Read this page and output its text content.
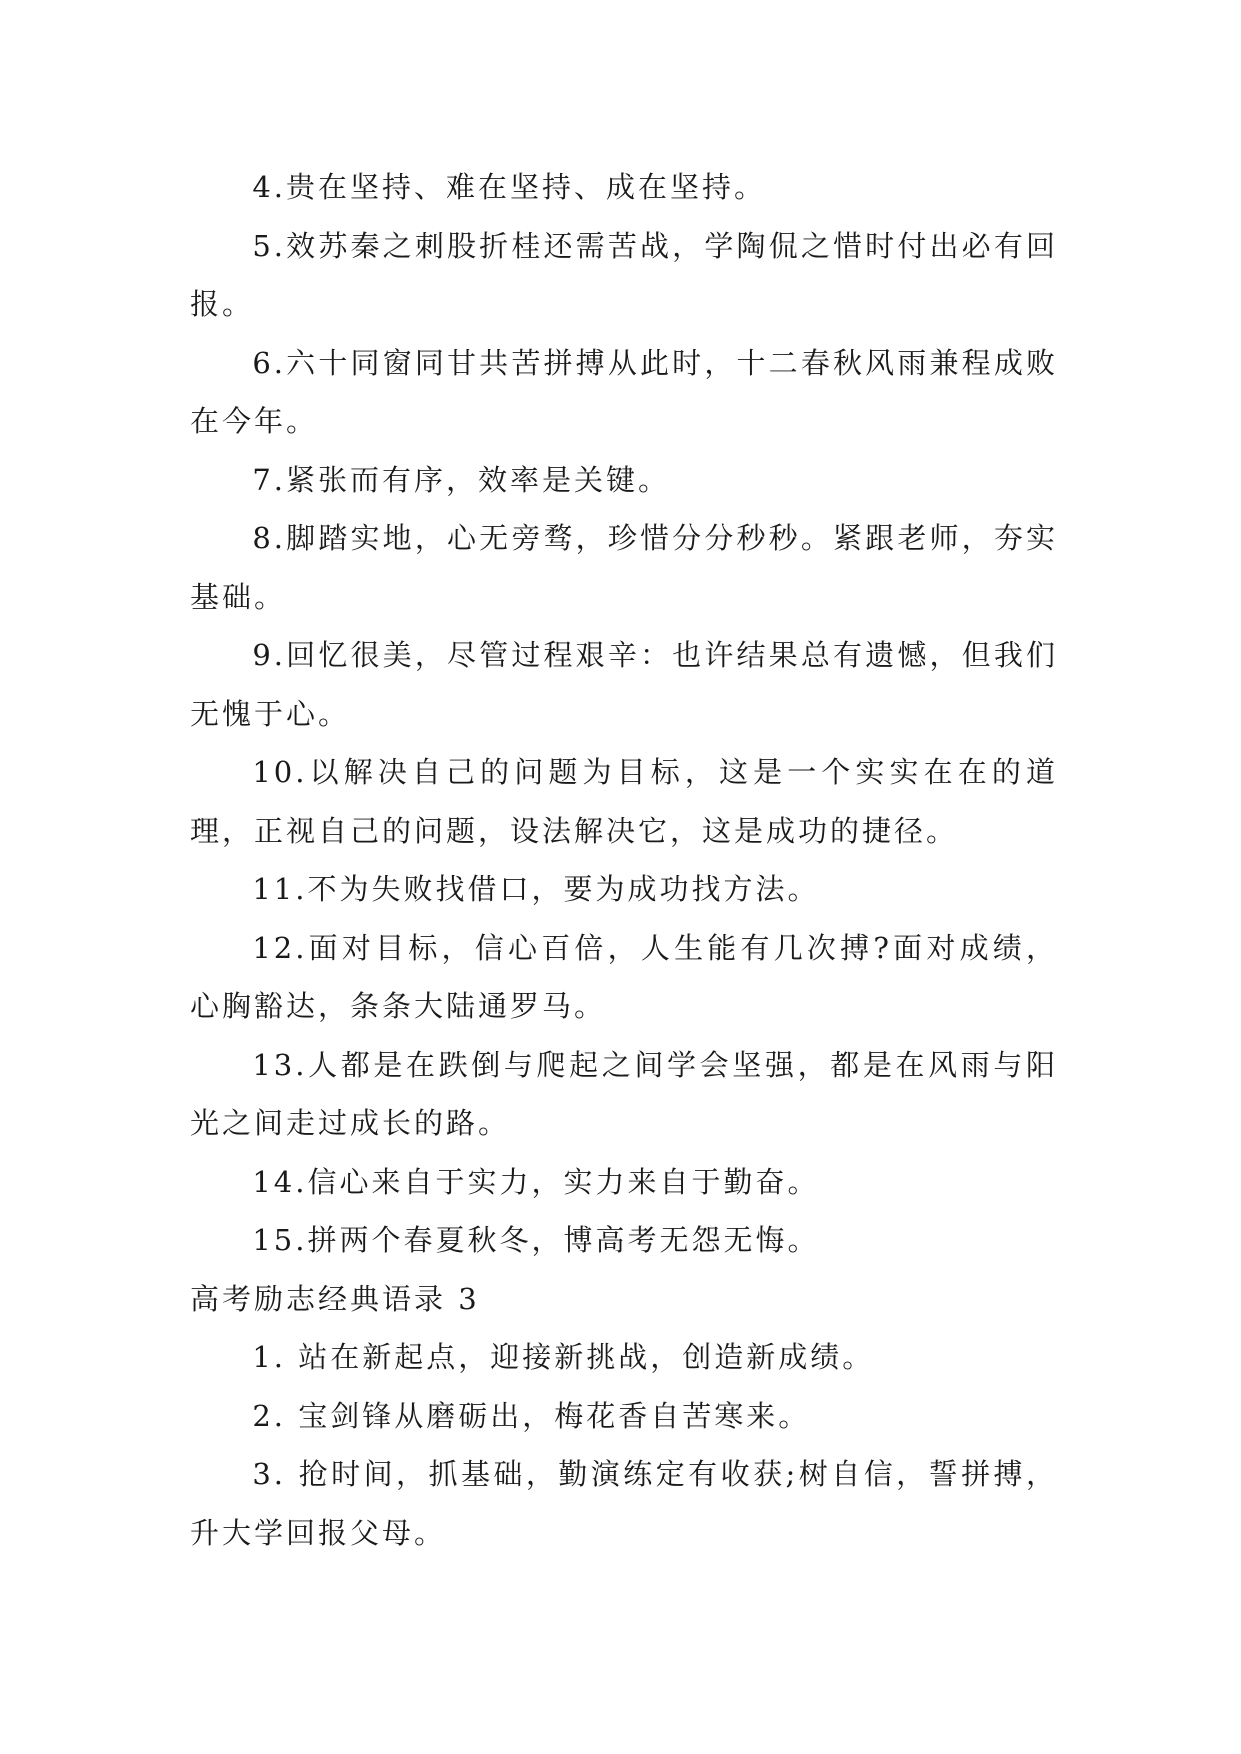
4.贵在坚持、难在坚持、成在坚持。

5.效苏秦之刺股折桂还需苦战，学陶侃之惜时付出必有回报。

6.六十同窗同甘共苦拼搏从此时，十二春秋风雨兼程成败在今年。

7.紧张而有序，效率是关键。

8.脚踏实地，心无旁骛，珍惜分分秒秒。紧跟老师，夯实基础。

9.回忆很美，尽管过程艰辛：也许结果总有遗憾，但我们无愧于心。

10.以解决自己的问题为目标，这是一个实实在在的道理，正视自己的问题，设法解决它，这是成功的捷径。

11.不为失败找借口，要为成功找方法。

12.面对目标，信心百倍，人生能有几次搏?面对成绩，心胸豁达，条条大陆通罗马。

13.人都是在跌倒与爬起之间学会坚强，都是在风雨与阳光之间走过成长的路。

14.信心来自于实力，实力来自于勤奋。

15.拼两个春夏秋冬，博高考无怨无悔。

高考励志经典语录 3

1. 站在新起点，迎接新挑战，创造新成绩。

2. 宝剑锋从磨砺出，梅花香自苦寒来。

3. 抢时间，抓基础，勤演练定有收获;树自信，誓拼搏，升大学回报父母。
